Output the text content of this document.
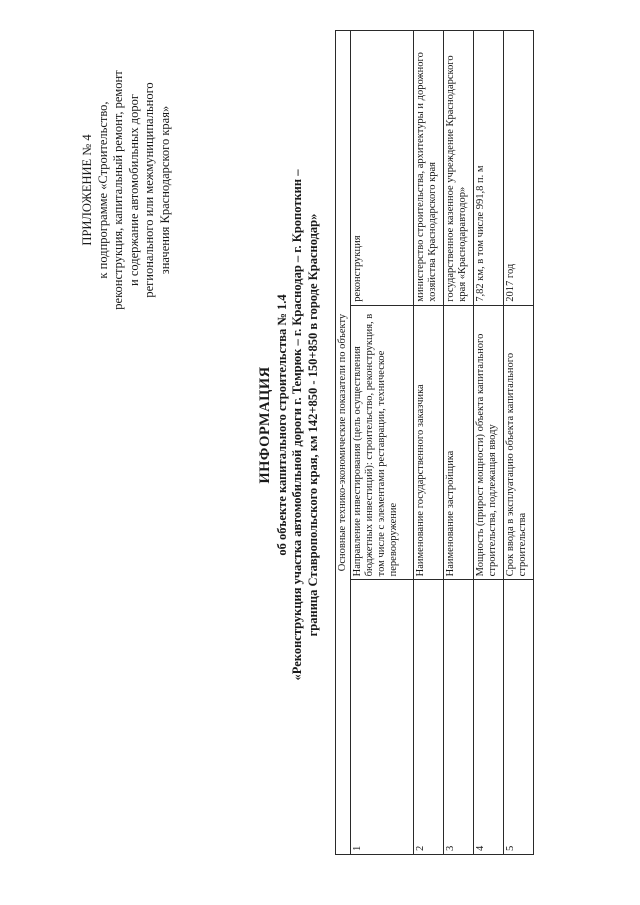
ПРИЛОЖЕНИЕ № 4 к подпрограмме «Строительство, реконструкция, капитальный ремонт, ремонт и содержание автомобильных дорог регионального или межмуниципального значения Краснодарского края»
ИНФОРМАЦИЯ об объекте капитального строительства № 1.4 «Реконструкция участка автомобильной дороги г. Темрюк – г. Краснодар – г. Кропоткин – граница Ставропольского края, км 142+850 - 150+850 в городе Краснодар» Основные технико-экономические показатели по объекту		
1	Направление инвестирования (цель осуществления бюджетных инвестиций): строительство, реконструкция, в том числе с элементами реставрации, техническое перевооружение	реконструкция
2	Наименование государственного заказчика	министерство строительства, архитектуры и дорожного хозяйства Краснодарского края
3	Наименование застройщика	государственное казенное учреждение Краснодарского края «Краснодаравтодор»
4	Мощность (прирост мощности) объекта капитального строительства, подлежащая вводу	7,82 км, в том числе 991,8 п. м
5	Срок ввода в эксплуатацию объекта капитального строительства	2017 год
